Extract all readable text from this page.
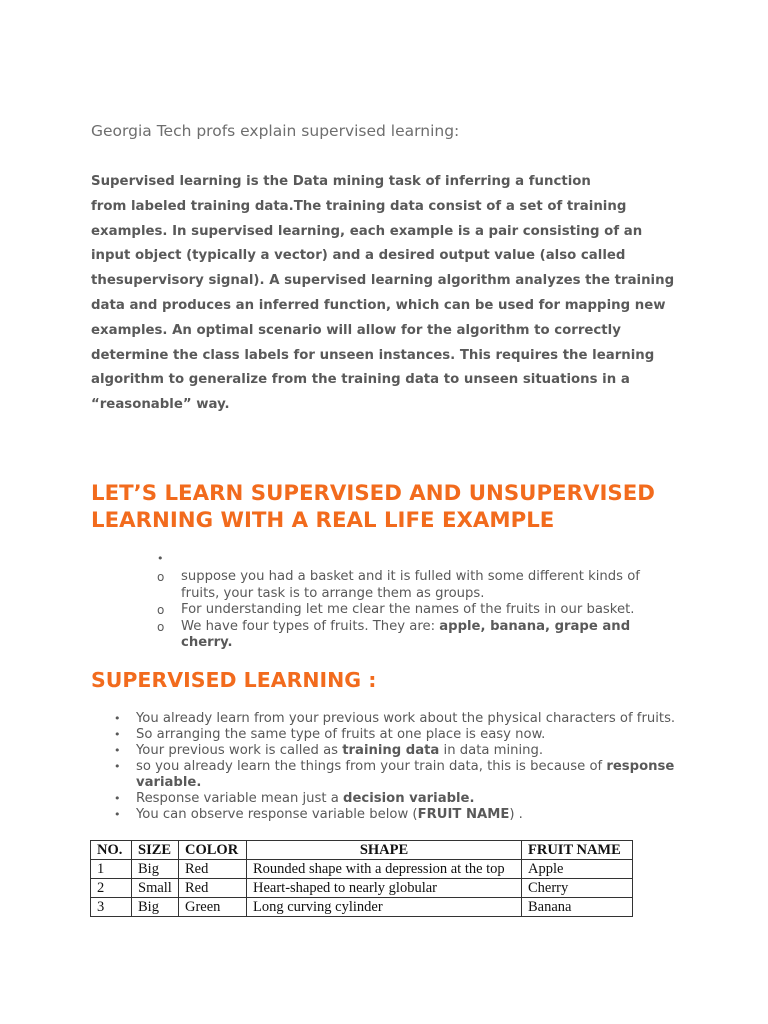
Georgia Tech profs explain supervised learning:
Supervised learning is the Data mining task of inferring a function
from labeled training data.The training data consist of a set of training
examples. In supervised learning, each example is a pair consisting of an
input object (typically a vector) and a desired output value (also called
thesupervisory signal). A supervised learning algorithm analyzes the training
data and produces an inferred function, which can be used for mapping new
examples. An optimal scenario will allow for the algorithm to correctly
determine the class labels for unseen instances. This requires the learning
algorithm to generalize from the training data to unseen situations in a
“reasonable” way.
LET’S LEARN SUPERVISED AND UNSUPERVISED
LEARNING WITH A REAL LIFE EXAMPLE
•
o suppose you had a basket and it is fulled with some different kinds of fruits, your task is to arrange them as groups.
o For understanding let me clear the names of the fruits in our basket.
o We have four types of fruits. They are: apple, banana, grape and cherry.
SUPERVISED LEARNING :
• You already learn from your previous work about the physical characters of fruits.
• So arranging the same type of fruits at one place is easy now.
• Your previous work is called as training data in data mining.
• so you already learn the things from your train data, this is because of response variable.
• Response variable mean just a decision variable.
• You can observe response variable below (FRUIT NAME) .
NO.	SIZE	COLOR	SHAPE	FRUIT NAME
1	Big	Red	Rounded shape with a depression at the top	Apple
2	Small	Red	Heart-shaped to nearly globular	Cherry
3	Big	Green	Long curving cylinder	Banana
